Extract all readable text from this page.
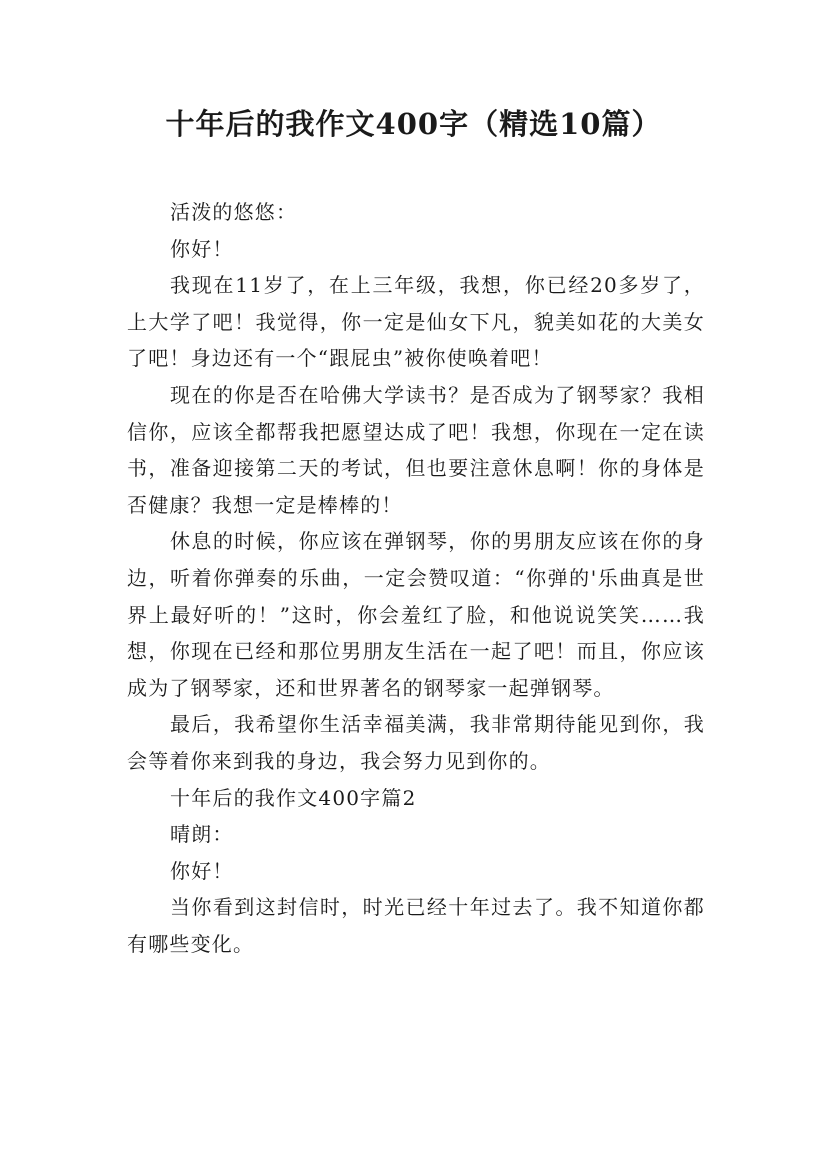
十年后的我作文400字（精选10篇）

活泼的悠悠：

你好！

我现在11岁了，在上三年级，我想，你已经20多岁了，上大学了吧！我觉得，你一定是仙女下凡，貌美如花的大美女了吧！身边还有一个“跟屁虫”被你使唤着吧！

现在的你是否在哈佛大学读书？是否成为了钢琴家？我相信你，应该全都帮我把愿望达成了吧！我想，你现在一定在读书，准备迎接第二天的考试，但也要注意休息啊！你的身体是否健康？我想一定是棒棒的！

休息的时候，你应该在弹钢琴，你的男朋友应该在你的身边，听着你弹奏的乐曲，一定会赞叹道：“你弹的'乐曲真是世界上最好听的！”这时，你会羞红了脸，和他说说笑笑……我想，你现在已经和那位男朋友生活在一起了吧！而且，你应该成为了钢琴家，还和世界著名的钢琴家一起弹钢琴。

最后，我希望你生活幸福美满，我非常期待能见到你，我会等着你来到我的身边，我会努力见到你的。

十年后的我作文400字篇2

晴朗：

你好！

当你看到这封信时，时光已经十年过去了。我不知道你都有哪些变化。
